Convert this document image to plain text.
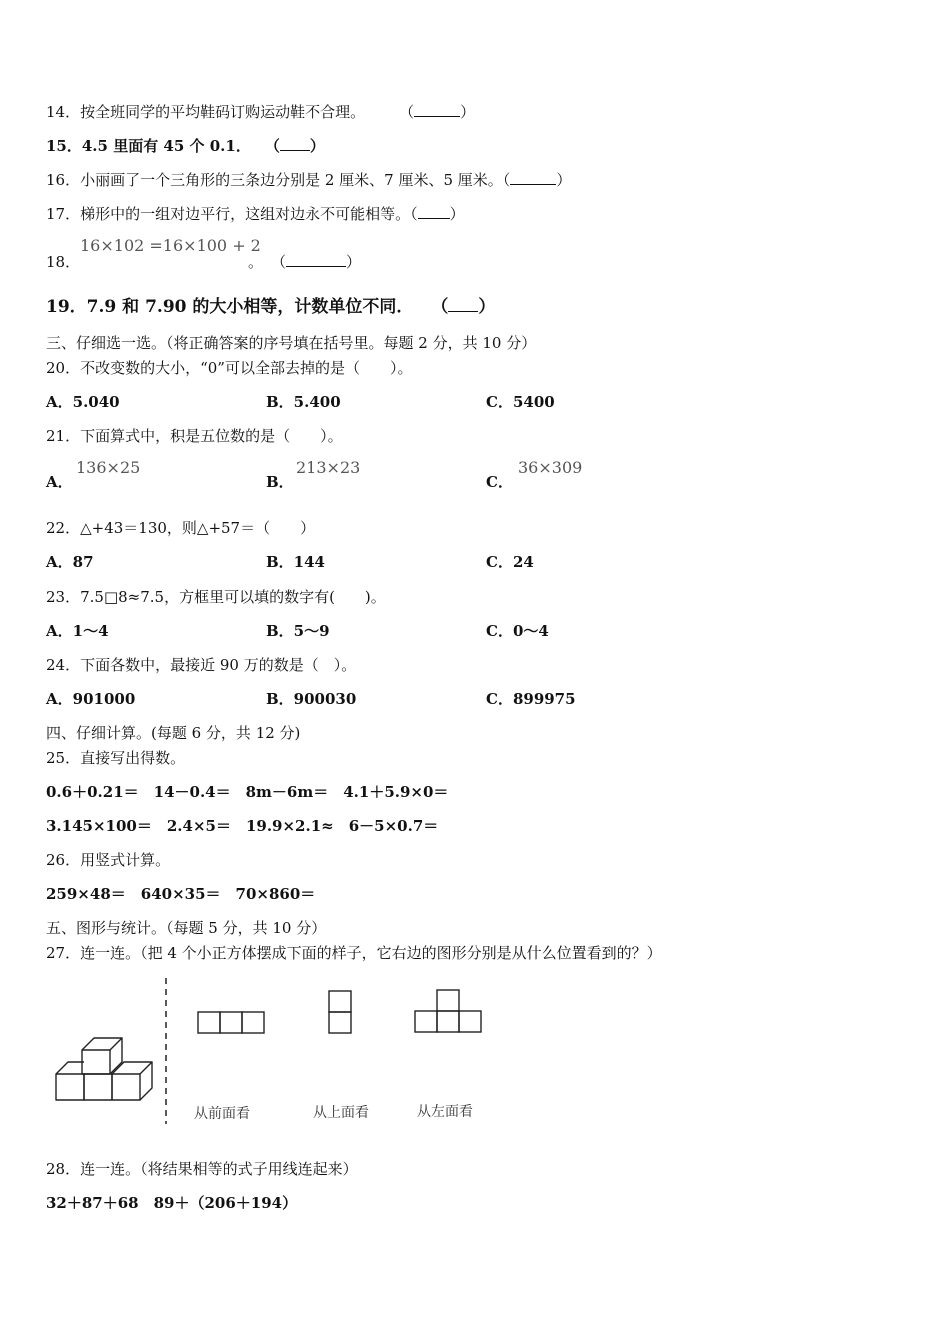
14．按全班同学的平均鞋码订购运动鞋不合理。 （	）
15．4.5 里面有 45 个 0.1． （ ）
16．小丽画了一个三角形的三条边分别是 2 厘米、7 厘米、5 厘米。（	）
17．梯形中的一组对边平行，这组对边永不可能相等。（ ）
18．
16×102 =16×100 + 2
。 （	）
19．7.9 和 7.90 的大小相等，计数单位不同． （ ）
三、仔细选一选。（将正确答案的序号填在括号里。每题 2 分，共 10 分）
20．不改变数的大小，“0”可以全部去掉的是（　　）。
A．5.040	B．5.400	C．5400
21．下面算式中，积是五位数的是（　　）。
A．
136×25
B．
213×23
C．
36×309
22．△+43＝130，则△+57＝（　　）
A．87	B．144	C．24
23．7.5□8≈7.5，方框里可以填的数字有(　　)。
A．1～4	B．5～9	C．0～4
24．下面各数中，最接近 90 万的数是（　）。
A．901000	B．900030	C．899975
四、仔细计算。(每题 6 分，共 12 分)
25．直接写出得数。
0.6＋0.21＝　14－0.4＝　8m－6m＝　4.1＋5.9×0＝
3.145×100＝　2.4×5＝　19.9×2.1≈　6－5×0.7＝
26．用竖式计算。
259×48＝　640×35＝　70×860＝
五、图形与统计。（每题 5 分，共 10 分）
27．连一连。（把 4 个小正方体摆成下面的样子，它右边的图形分别是从什么位置看到的？）
从前面看	从上面看	从左面看
28．连一连。（将结果相等的式子用线连起来）
32＋87＋68　89＋（206＋194）
